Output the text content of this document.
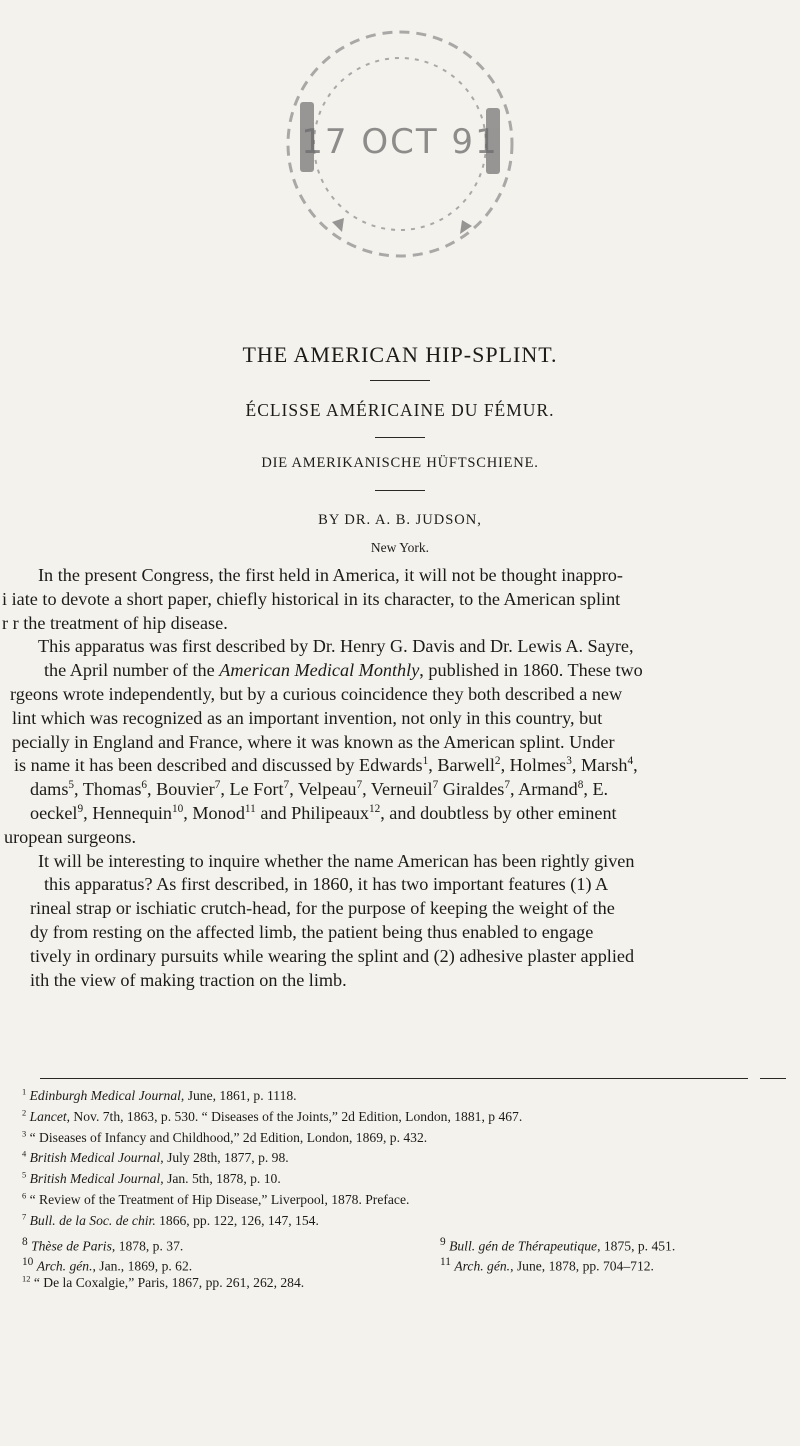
17 OCT 91
THE AMERICAN HIP-SPLINT.
ÉCLISSE AMÉRICAINE DU FÉMUR.
DIE AMERIKANISCHE HÜFTSCHIENE.
BY DR. A. B. JUDSON,
New York.
In the present Congress, the first held in America, it will not be thought inappro-
i iate to devote a short paper, chiefly historical in its character, to the American splint
r r the treatment of hip disease.
This apparatus was first described by Dr. Henry G. Davis and Dr. Lewis A. Sayre,
the April number of the American Medical Monthly, published in 1860. These two
rgeons wrote independently, but by a curious coincidence they both described a new
lint which was recognized as an important invention, not only in this country, but
pecially in England and France, where it was known as the American splint. Under
is name it has been described and discussed by Edwards$^1$, Barwell$^2$, Holmes$^3$, Marsh$^4$,
dams$^5$, Thomas$^6$, Bouvier$^7$, Le Fort$^7$, Velpeau$^7$, Verneuil$^7$ Giraldes$^7$, Armand$^8$, E.
oeckel$^9$, Hennequin$^{10}$, Monod$^{11}$ and Philipeaux$^{12}$, and doubtless by other eminent
uropean surgeons.
It will be interesting to inquire whether the name American has been rightly given
this apparatus? As first described, in 1860, it has two important features (1) A
rineal strap or ischiatic crutch-head, for the purpose of keeping the weight of the
dy from resting on the affected limb, the patient being thus enabled to engage
tively in ordinary pursuits while wearing the splint and (2) adhesive plaster applied
ith the view of making traction on the limb.
$^1$ Edinburgh Medical Journal, June, 1861, p. 1118.
$^2$ Lancet, Nov. 7th, 1863, p. 530. “ Diseases of the Joints,” 2d Edition, London, 1881, p 467.
$^3$ “ Diseases of Infancy and Childhood,” 2d Edition, London, 1869, p. 432.
$^4$ British Medical Journal, July 28th, 1877, p. 98.
$^5$ British Medical Journal, Jan. 5th, 1878, p. 10.
$^6$ “ Review of the Treatment of Hip Disease,” Liverpool, 1878. Preface.
$^7$ Bull. de la Soc. de chir. 1866, pp. 122, 126, 147, 154.
$^8$ Thèse de Paris, 1878, p. 37.	$^9$ Bull. gén de Thérapeutique, 1875, p. 451.
$^{10}$ Arch. gén., Jan., 1869, p. 62.	$^{11}$ Arch. gén., June, 1878, pp. 704–712.
$^{12}$ “ De la Coxalgie,” Paris, 1867, pp. 261, 262, 284.
